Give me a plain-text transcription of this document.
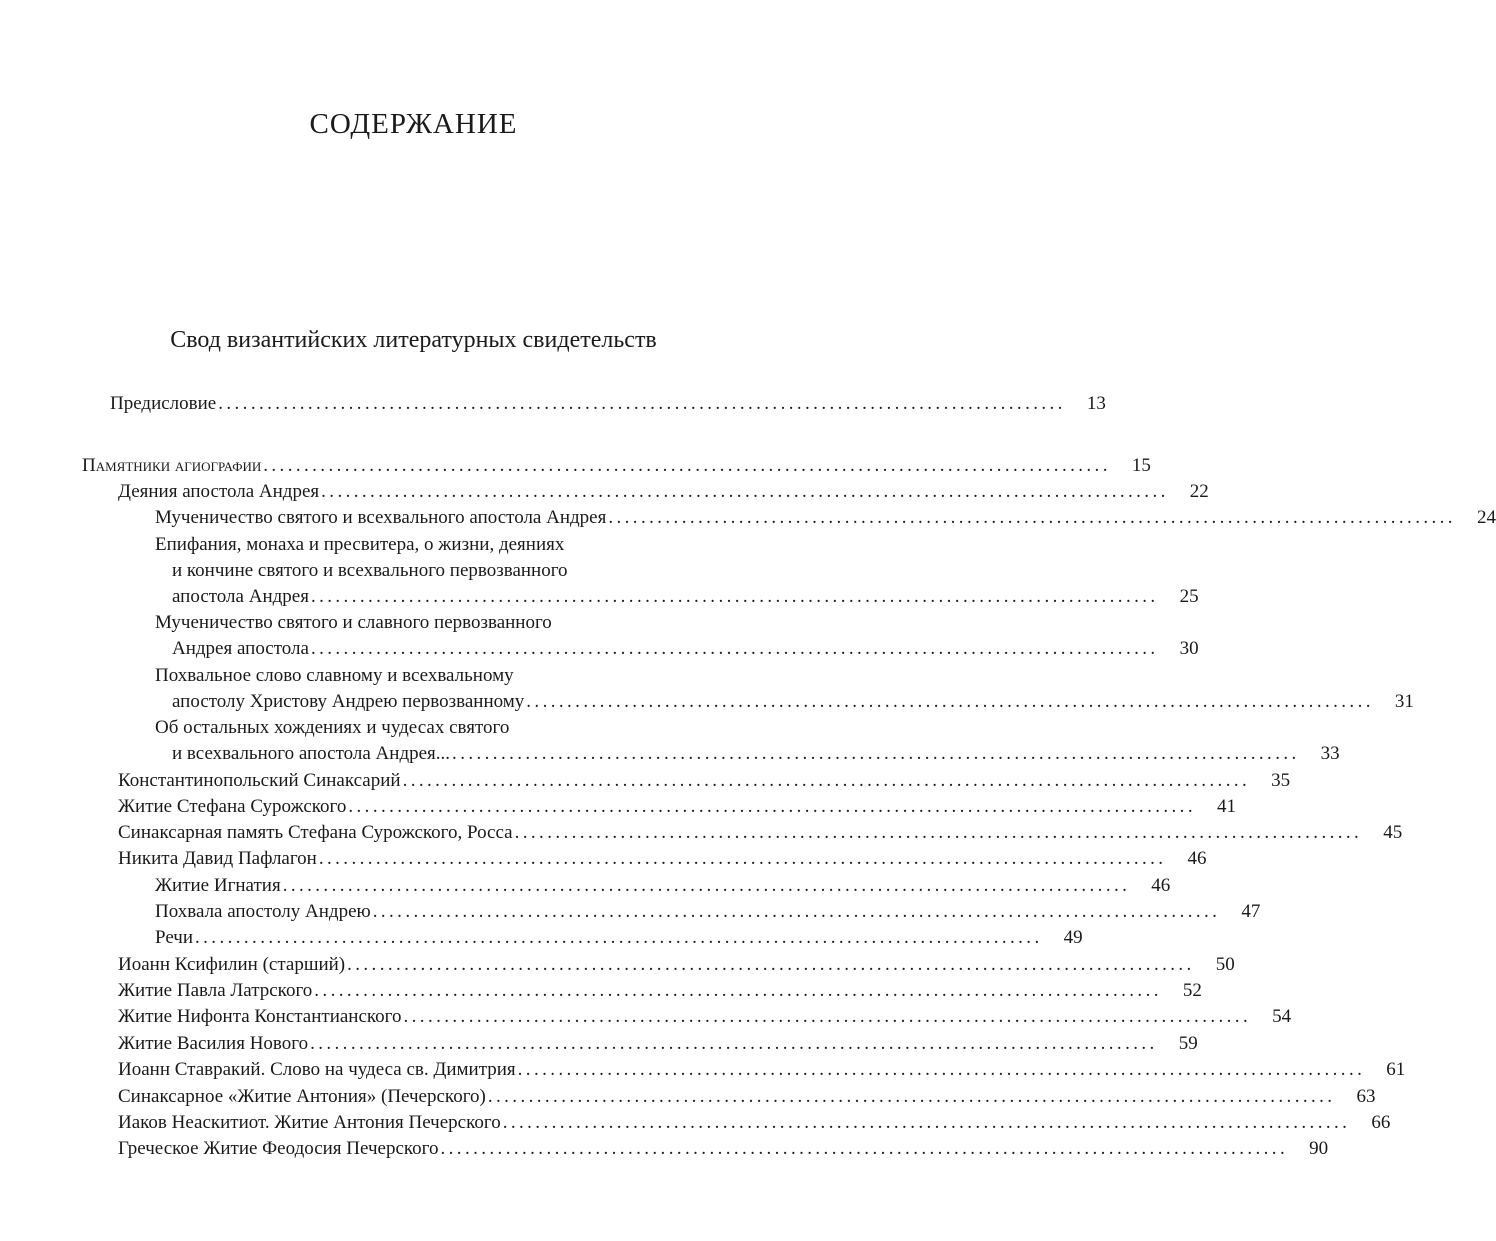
СОДЕРЖАНИЕ
Свод византийских литературных свидетельств
Предисловие ........................................................................................................	13
Памятники агиографии ........................................................................................................	15
Деяния апостола Андрея ........................................................................................................	22
Мученичество святого и всехвального апостола Андрея ........................................................................................................	24
Епифания, монаха и пресвитера, о жизни, деяниях
и кончине святого и всехвального первозванного
апостола Андрея ........................................................................................................	25
Мученичество святого и славного первозванного
Андрея апостола ........................................................................................................	30
Похвальное слово славному и всехвальному
апостолу Христову Андрею первозванному ........................................................................................................	31
Об остальных хождениях и чудесах святого
и всехвального апостола Андрея... ........................................................................................................	33
Константинопольский Синаксарий ........................................................................................................	35
Житие Стефана Сурожского ........................................................................................................	41
Синаксарная память Стефана Сурожского, Росса ........................................................................................................	45
Никита Давид Пафлагон ........................................................................................................	46
Житие Игнатия ........................................................................................................	46
Похвала апостолу Андрею ........................................................................................................	47
Речи ........................................................................................................	49
Иоанн Ксифилин (старший) ........................................................................................................	50
Житие Павла Латрского ........................................................................................................	52
Житие Нифонта Константианского ........................................................................................................	54
Житие Василия Нового ........................................................................................................	59
Иоанн Ставракий. Слово на чудеса св. Димитрия ........................................................................................................	61
Синаксарное «Житие Антония» (Печерского) ........................................................................................................	63
Иаков Неаскитиот. Житие Антония Печерского ........................................................................................................	66
Греческое Житие Феодосия Печерского ........................................................................................................	90
